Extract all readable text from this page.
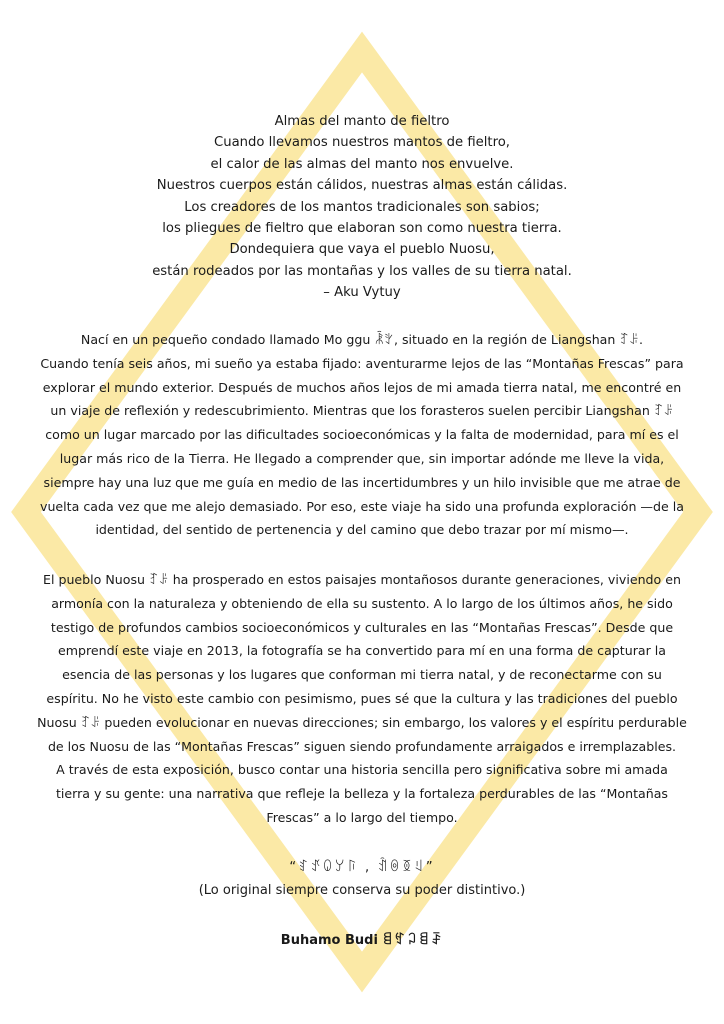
Almas del manto de fieltro
Cuando llevamos nuestros mantos de fieltro,
el calor de las almas del manto nos envuelve.
Nuestros cuerpos están cálidos, nuestras almas están cálidas.
Los creadores de los mantos tradicionales son sabios;
los pliegues de fieltro que elaboran son como nuestra tierra.
Dondequiera que vaya el pueblo Nuosu,
están rodeados por las montañas y los valles de su tierra natal.
– Aku Vytuy
Nací en un pequeño condado llamado Mo ggu ꂾꇬ, situado en la región de Liangshan ꆈꌠ.
Cuando tenía seis años, mi sueño ya estaba fijado: aventurarme lejos de las “Montañas Frescas” para
explorar el mundo exterior. Después de muchos años lejos de mi amada tierra natal, me encontré en
un viaje de reflexión y redescubrimiento. Mientras que los forasteros suelen percibir Liangshan ꆈꌠ
como un lugar marcado por las dificultades socioeconómicas y la falta de modernidad, para mí es el
lugar más rico de la Tierra. He llegado a comprender que, sin importar adónde me lleve la vida,
siempre hay una luz que me guía en medio de las incertidumbres y un hilo invisible que me atrae de
vuelta cada vez que me alejo demasiado. Por eso, este viaje ha sido una profunda exploración —de la
identidad, del sentido de pertenencia y del camino que debo trazar por mí mismo—.
El pueblo Nuosu ꆈꌠ ha prosperado en estos paisajes montañosos durante generaciones, viviendo en
armonía con la naturaleza y obteniendo de ella su sustento. A lo largo de los últimos años, he sido
testigo de profundos cambios socioeconómicos y culturales en las “Montañas Frescas”. Desde que
emprendí este viaje en 2013, la fotografía se ha convertido para mí en una forma de capturar la
esencia de las personas y los lugares que conforman mi tierra natal, y de reconectarme con su
espíritu. No he visto este cambio con pesimismo, pues sé que la cultura y las tradiciones del pueblo
Nuosu ꆈꌠ pueden evolucionar en nuevas direcciones; sin embargo, los valores y el espíritu perdurable
de los Nuosu de las “Montañas Frescas” siguen siendo profundamente arraigados e irremplazables.
A través de esta exposición, busco contar una historia sencilla pero significativa sobre mi amada
tierra y su gente: una narrativa que refleje la belleza y la fortaleza perdurables de las “Montañas
Frescas” a lo largo del tiempo.
“ꆏꀋꐎꌦꑍ , ꀉꉻꅉꆹ”
(Lo original siempre conserva su poder distintivo.)
Buhamo Budi ꁌꉐꃀꁌꄚ
